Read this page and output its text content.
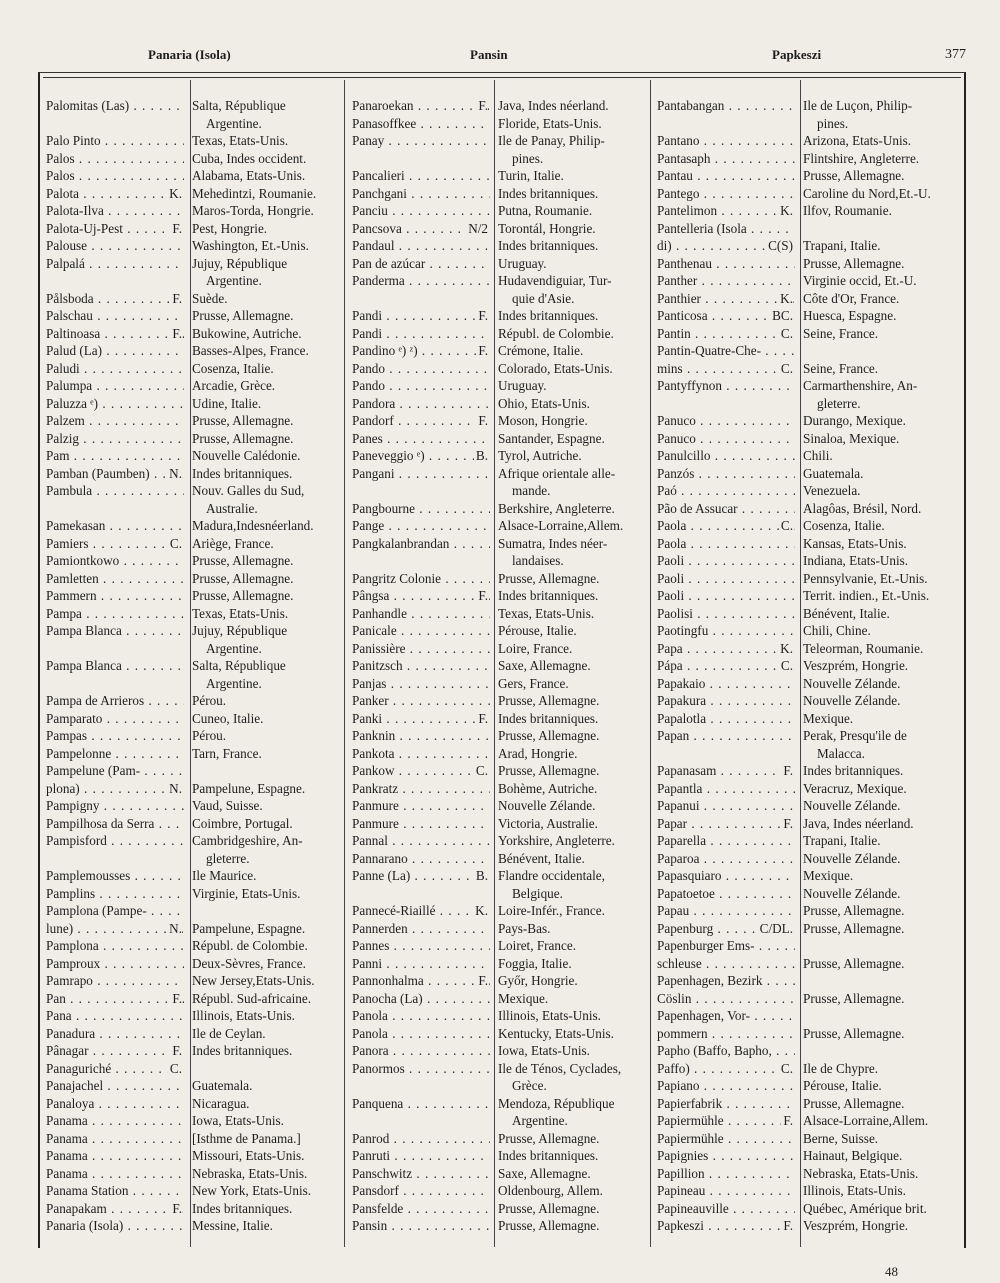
Panaria (Isola)	Pansin	Papkeszi	377
Palomitas (Las) . . .	Salta, République
Argentine.
Palo Pinto . . .	Texas, Etats-Unis.
Palos . . .	Cuba, Indes occident.
Palos . . .	Alabama, Etats-Unis.
Palota . . .	K. Mehedintzi, Roumanie.
Palota-Ilva . . .	Maros-Torda, Hongrie.
Palota-Uj-Pest . . .	F. Pest, Hongrie.
Palouse . . .	Washington, Et.-Unis.
Palpalá . . .	Jujuy, République
Argentine.
Pålsboda . . .	F. Suède.
Palschau . . .	Prusse, Allemagne.
Paltinoasa . . .	F. Bukowine, Autriche.
Palud (La) . . .	Basses-Alpes, France.
Paludi . . .	Cosenza, Italie.
Palumpa . . .	Arcadie, Grèce.
Paluzza ᵉ) . . .	Udine, Italie.
Palzem . . .	Prusse, Allemagne.
Palzig . . .	Prusse, Allemagne.
Pam . . .	Nouvelle Calédonie.
Pamban (Paumben) . . .	N. Indes britanniques.
Pambula . . .	Nouv. Galles du Sud,
Australie.
Pamekasan . . .	Madura,Indesnéerland.
Pamiers . . .	C. Ariège, France.
Pamiontkowo . . .	Prusse, Allemagne.
Pamletten . . .	Prusse, Allemagne.
Pammern . . .	Prusse, Allemagne.
Pampa . . .	Texas, Etats-Unis.
Pampa Blanca . . .	Jujuy, République
Argentine.
Pampa Blanca . . .	Salta, République
Argentine.
Pampa de Arrieros . . .	Pérou.
Pamparato . . .	Cuneo, Italie.
Pampas . . .	Pérou.
Pampelonne . . .	Tarn, France.
Pampelune (Pam- . . .
plona) . . .	N. Pampelune, Espagne.
Pampigny . . .	Vaud, Suisse.
Pampilhosa da Serra . . .	Coimbre, Portugal.
Pampisford . . .	Cambridgeshire, An-
gleterre.
Pamplemousses . . .	Ile Maurice.
Pamplins . . .	Virginie, Etats-Unis.
Pamplona (Pampe- . . .
lune) . . .	N. Pampelune, Espagne.
Pamplona . . .	Républ. de Colombie.
Pamproux . . .	Deux-Sèvres, France.
Pamrapo . . .	New Jersey,Etats-Unis.
Pan . . .	F. Républ. Sud-africaine.
Pana . . .	Illinois, Etats-Unis.
Panadura . . .	Ile de Ceylan.
Pânagar . . .	F. Indes britanniques.
Panaguriché . . .	C.
Panajachel . . .	Guatemala.
Panaloya . . .	Nicaragua.
Panama . . .	Iowa, Etats-Unis.
Panama . . .	[Isthme de Panama.]
Panama . . .	Missouri, Etats-Unis.
Panama . . .	Nebraska, Etats-Unis.
Panama Station . . .	New York, Etats-Unis.
Panapakam . . .	F. Indes britanniques.
Panaria (Isola) . . .	Messine, Italie.
Panaroekan . . .	F. Java, Indes néerland.
Panasoffkee . . .	Floride, Etats-Unis.
Panay . . .	Ile de Panay, Philip-
pines.
Pancalieri . . .	Turin, Italie.
Panchgani . . .	Indes britanniques.
Panciu . . .	Putna, Roumanie.
Pancsova . . .	N/2 Torontál, Hongrie.
Pandaul . . .	Indes britanniques.
Pan de azúcar . . .	Uruguay.
Panderma . . .	Hudavendiguiar, Tur-
quie d'Asie.
Pandi . . .	F. Indes britanniques.
Pandi . . .	Républ. de Colombie.
Pandino ᵉ) ᶻ) . . .	F. Crémone, Italie.
Pando . . .	Colorado, Etats-Unis.
Pando . . .	Uruguay.
Pandora . . .	Ohio, Etats-Unis.
Pandorf . . .	F. Moson, Hongrie.
Panes . . .	Santander, Espagne.
Paneveggio ᵉ) . . .	B. Tyrol, Autriche.
Pangani . . .	Afrique orientale alle-
mande.
Pangbourne . . .	Berkshire, Angleterre.
Pange . . .	Alsace-Lorraine,Allem.
Pangkalanbrandan . . .	Sumatra, Indes néer-
landaises.
Pangritz Colonie . . .	Prusse, Allemagne.
Pângsa . . .	F. Indes britanniques.
Panhandle . . .	Texas, Etats-Unis.
Panicale . . .	Pérouse, Italie.
Panissière . . .	Loire, France.
Panitzsch . . .	Saxe, Allemagne.
Panjas . . .	Gers, France.
Panker . . .	Prusse, Allemagne.
Panki . . .	F. Indes britanniques.
Panknin . . .	Prusse, Allemagne.
Pankota . . .	Arad, Hongrie.
Pankow . . .	C. Prusse, Allemagne.
Pankratz . . .	Bohème, Autriche.
Panmure . . .	Nouvelle Zélande.
Panmure . . .	Victoria, Australie.
Pannal . . .	Yorkshire, Angleterre.
Pannarano . . .	Bénévent, Italie.
Panne (La) . . .	B. Flandre occidentale,
Belgique.
Pannecé-Riaillé . . .	K. Loire-Infér., France.
Pannerden . . .	Pays-Bas.
Pannes . . .	Loiret, France.
Panni . . .	Foggia, Italie.
Pannonhalma . . .	F. Győr, Hongrie.
Panocha (La) . . .	Mexique.
Panola . . .	Illinois, Etats-Unis.
Panola . . .	Kentucky, Etats-Unis.
Panora . . .	Iowa, Etats-Unis.
Panormos . . .	Ile de Ténos, Cyclades,
Grèce.
Panquena . . .	Mendoza, République
Argentine.
Panrod . . .	Prusse, Allemagne.
Panruti . . .	Indes britanniques.
Panschwitz . . .	Saxe, Allemagne.
Pansdorf . . .	Oldenbourg, Allem.
Pansfelde . . .	Prusse, Allemagne.
Pansin . . .	Prusse, Allemagne.
Pantabangan . . .	Ile de Luçon, Philip-
pines.
Pantano . . .	Arizona, Etats-Unis.
Pantasaph . . .	Flintshire, Angleterre.
Pantau . . .	Prusse, Allemagne.
Pantego . . .	Caroline du Nord,Et.-U.
Pantelimon . . .	K. Ilfov, Roumanie.
Pantelleria (Isola . . .
di) . . .	C(S) Trapani, Italie.
Panthenau . . .	Prusse, Allemagne.
Panther . . .	Virginie occid, Et.-U.
Panthier . . .	K. Côte d'Or, France.
Panticosa . . .	BC. Huesca, Espagne.
Pantin . . .	C. Seine, France.
Pantin-Quatre-Che- . . .
mins . . .	C. Seine, France.
Pantyffynon . . .	Carmarthenshire, An-
gleterre.
Panuco . . .	Durango, Mexique.
Panuco . . .	Sinaloa, Mexique.
Panulcillo . . .	Chili.
Panzós . . .	Guatemala.
Paó . . .	Venezuela.
Pão de Assucar . . .	Alagôas, Brésil, Nord.
Paola . . .	C. Cosenza, Italie.
Paola . . .	Kansas, Etats-Unis.
Paoli . . .	Indiana, Etats-Unis.
Paoli . . .	Pennsylvanie, Et.-Unis.
Paoli . . .	Territ. indien., Et.-Unis.
Paolisi . . .	Bénévent, Italie.
Paotingfu . . .	Chili, Chine.
Papa . . .	K. Teleorman, Roumanie.
Pápa . . .	C. Veszprém, Hongrie.
Papakaio . . .	Nouvelle Zélande.
Papakura . . .	Nouvelle Zélande.
Papalotla . . .	Mexique.
Papan . . .	Perak, Presqu'ile de
Malacca.
Papanasam . . .	F. Indes britanniques.
Papantla . . .	Veracruz, Mexique.
Papanui . . .	Nouvelle Zélande.
Papar . . .	F. Java, Indes néerland.
Paparella . . .	Trapani, Italie.
Paparoa . . .	Nouvelle Zélande.
Papasquiaro . . .	Mexique.
Papatoetoe . . .	Nouvelle Zélande.
Papau . . .	Prusse, Allemagne.
Papenburg . . .	C/DL. Prusse, Allemagne.
Papenburger Ems- . . .
schleuse . . .	Prusse, Allemagne.
Papenhagen, Bezirk . . .
Cöslin . . .	Prusse, Allemagne.
Papenhagen, Vor- . . .
pommern . . .	Prusse, Allemagne.
Papho (Baffo, Bapho, . . .
Paffo) . . .	C. Ile de Chypre.
Papiano . . .	Pérouse, Italie.
Papierfabrik . . .	Prusse, Allemagne.
Papiermühle . . .	F. Alsace-Lorraine,Allem.
Papiermühle . . .	Berne, Suisse.
Papignies . . .	Hainaut, Belgique.
Papillion . . .	Nebraska, Etats-Unis.
Papineau . . .	Illinois, Etats-Unis.
Papineauville . . .	Québec, Amérique brit.
Papkeszi . . .	F. Veszprém, Hongrie.
48
